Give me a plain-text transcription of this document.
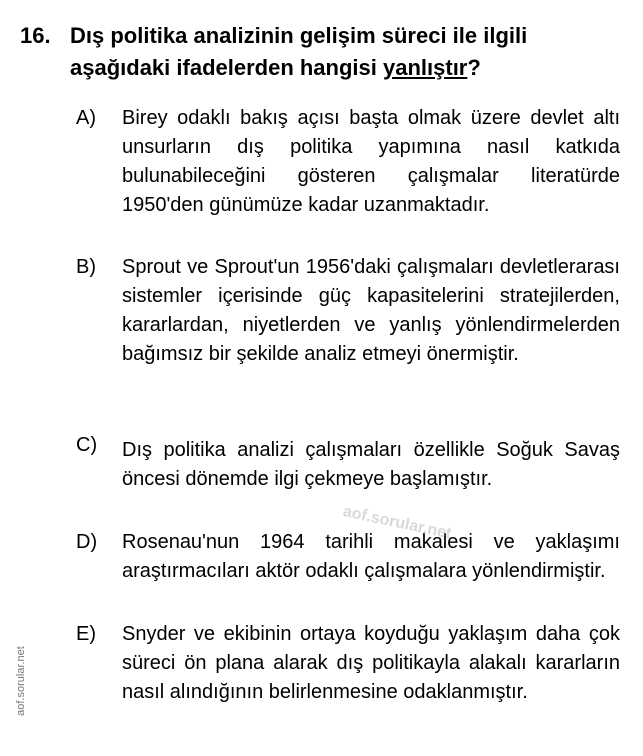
16. Dış politika analizinin gelişim süreci ile ilgili aşağıdaki ifadelerden hangisi yanlıştır?
A) Birey odaklı bakış açısı başta olmak üzere devlet altı unsurların dış politika yapımına nasıl katkıda bulunabileceğini gösteren çalışmalar literatürde 1950'den günümüze kadar uzanmaktadır.
B) Sprout ve Sprout'un 1956'daki çalışmaları devletlerarası sistemler içerisinde güç kapasitelerini stratejilerden, kararlardan, niyetlerden ve yanlış yönlendirmelerden bağımsız bir şekilde analiz etmeyi önermiştir.
C) Dış politika analizi çalışmaları özellikle Soğuk Savaş öncesi dönemde ilgi çekmeye başlamıştır.
D) Rosenau'nun 1964 tarihli makalesi ve yaklaşımı araştırmacıları aktör odaklı çalışmalara yönlendirmiştir.
E) Snyder ve ekibinin ortaya koyduğu yaklaşım daha çok süreci ön plana alarak dış politikayla alakalı kararların nasıl alındığının belirlenmesine odaklanmıştır.
aof.sorular.net
aof.sorular.net
